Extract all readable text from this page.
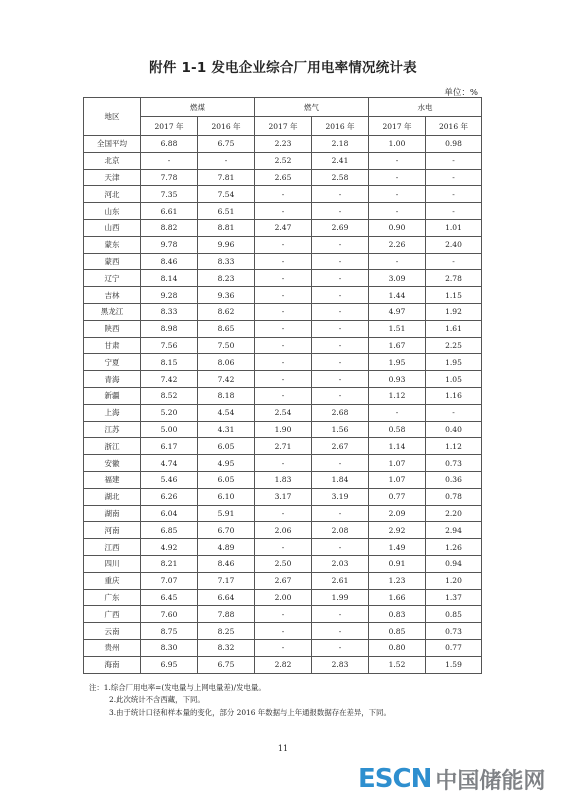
附件 1-1 发电企业综合厂用电率情况统计表
单位：%
地区	燃煤		燃气		水电	
	2017 年	2016 年	2017 年	2016 年	2017 年	2016 年
全国平均	6.88	6.75	2.23	2.18	1.00	0.98
北京	-	-	2.52	2.41	-	-
天津	7.78	7.81	2.65	2.58	-	-
河北	7.35	7.54	-	-	-	-
山东	6.61	6.51	-	-	-	-
山西	8.82	8.81	2.47	2.69	0.90	1.01
蒙东	9.78	9.96	-	-	2.26	2.40
蒙西	8.46	8.33	-	-	-	-
辽宁	8.14	8.23	-	-	3.09	2.78
吉林	9.28	9.36	-	-	1.44	1.15
黑龙江	8.33	8.62	-	-	4.97	1.92
陕西	8.98	8.65	-	-	1.51	1.61
甘肃	7.56	7.50	-	-	1.67	2.25
宁夏	8.15	8.06	-	-	1.95	1.95
青海	7.42	7.42	-	-	0.93	1.05
新疆	8.52	8.18	-	-	1.12	1.16
上海	5.20	4.54	2.54	2.68	-	-
江苏	5.00	4.31	1.90	1.56	0.58	0.40
浙江	6.17	6.05	2.71	2.67	1.14	1.12
安徽	4.74	4.95	-	-	1.07	0.73
福建	5.46	6.05	1.83	1.84	1.07	0.36
湖北	6.26	6.10	3.17	3.19	0.77	0.78
湖南	6.04	5.91	-	-	2.09	2.20
河南	6.85	6.70	2.06	2.08	2.92	2.94
江西	4.92	4.89	-	-	1.49	1.26
四川	8.21	8.46	2.50	2.03	0.91	0.94
重庆	7.07	7.17	2.67	2.61	1.23	1.20
广东	6.45	6.64	2.00	1.99	1.66	1.37
广西	7.60	7.88	-	-	0.83	0.85
云南	8.75	8.25	-	-	0.85	0.73
贵州	8.30	8.32	-	-	0.80	0.77
海南	6.95	6.75	2.82	2.83	1.52	1.59
注：1.综合厂用电率=(发电量与上网电量差)/发电量。
2.此次统计不含西藏，下同。
3.由于统计口径和样本量的变化，部分 2016 年数据与上年通报数据存在差异，下同。
11
ESCN 中国储能网
